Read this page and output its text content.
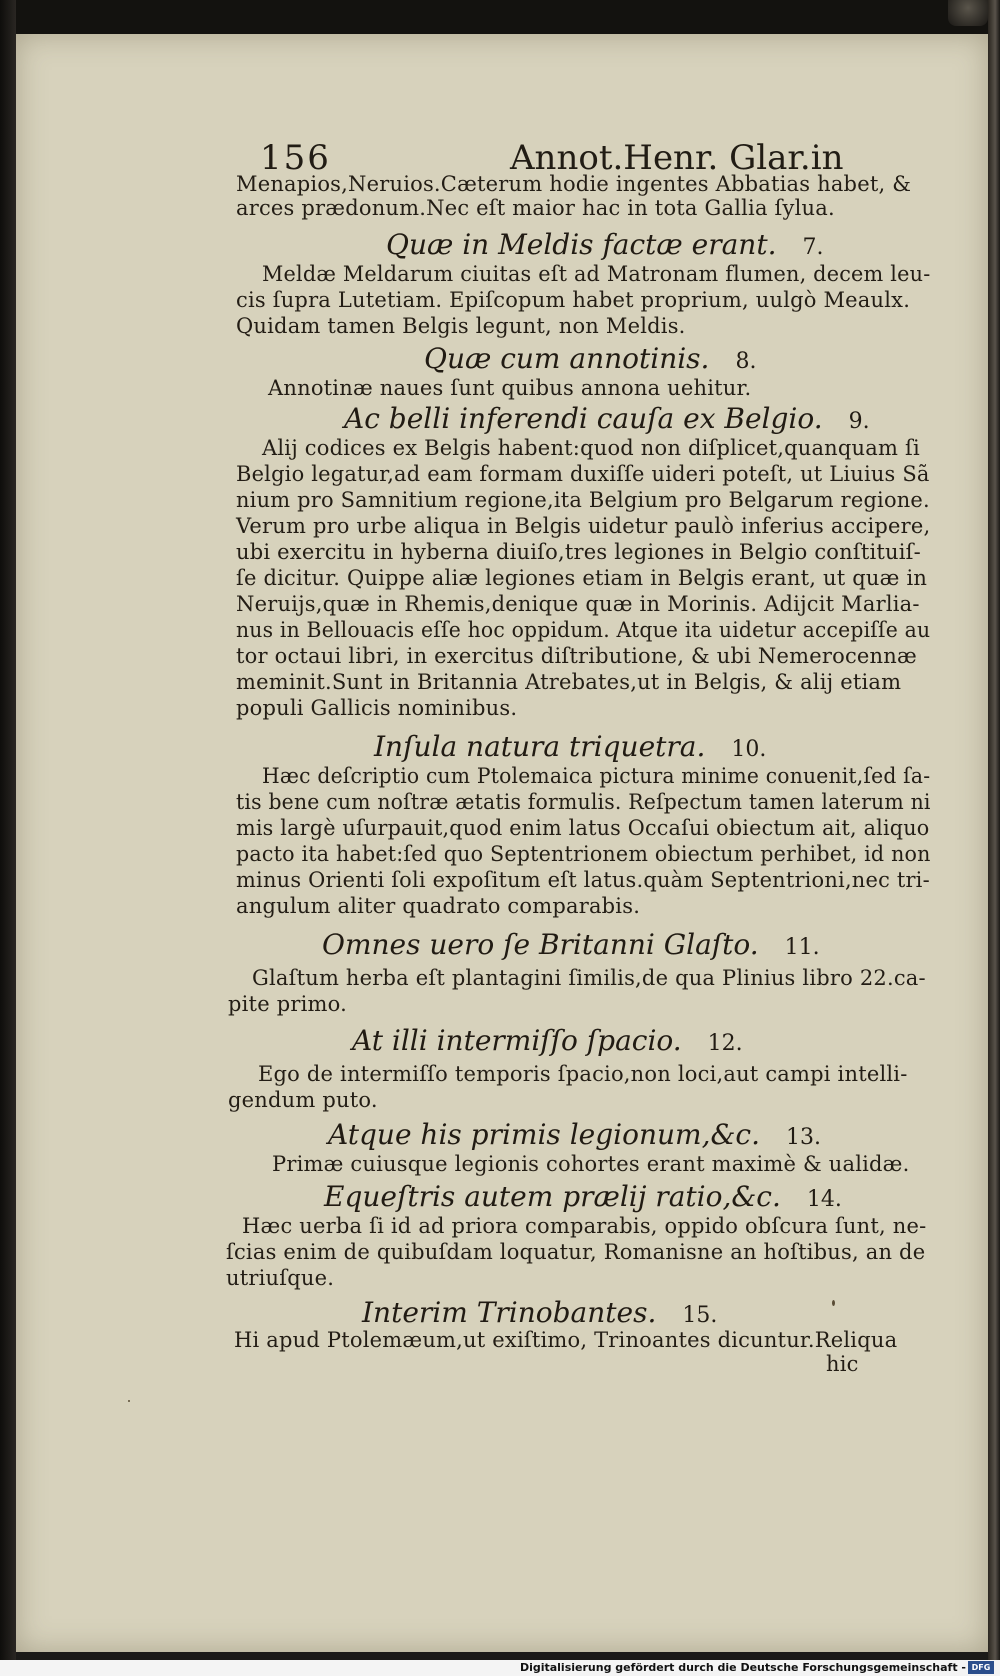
156	Annot.Henr. Glar.in
Menapios,Neruios.Cæterum hodie ingentes Abbatias habet, &
arces prædonum.Nec eſt maior hac in tota Gallia ſylua.
Quæ in Meldis factæ erant. 7.
Meldæ Meldarum ciuitas eſt ad Matronam flumen, decem leu-
cis ſupra Lutetiam. Epiſcopum habet proprium, uulgò Meaulx.
Quidam tamen Belgis legunt, non Meldis.
Quæ cum annotinis. 8.
Annotinæ naues ſunt quibus annona uehitur.
Ac belli inferendi cauſa ex Belgio. 9.
Alij codices ex Belgis habent:quod non diſplicet,quanquam ſi
Belgio legatur,ad eam formam duxiſſe uideri poteſt, ut Liuius Sã
nium pro Samnitium regione,ita Belgium pro Belgarum regione.
Verum pro urbe aliqua in Belgis uidetur paulò inferius accipere,
ubi exercitu in hyberna diuiſo,tres legiones in Belgio conſtituiſ-
ſe dicitur. Quippe aliæ legiones etiam in Belgis erant, ut quæ in
Neruijs,quæ in Rhemis,denique quæ in Morinis. Adijcit Marlia-
nus in Bellouacis eſſe hoc oppidum. Atque ita uidetur accepiſſe au
tor octaui libri, in exercitus diſtributione, & ubi Nemerocennæ
meminit.Sunt in Britannia Atrebates,ut in Belgis, & alij etiam
populi Gallicis nominibus.
Inſula natura triquetra. 10.
Hæc deſcriptio cum Ptolemaica pictura minime conuenit,ſed ſa-
tis bene cum noſtræ ætatis formulis. Reſpectum tamen laterum ni
mis largè uſurpauit,quod enim latus Occaſui obiectum ait, aliquo
pacto ita habet:ſed quo Septentrionem obiectum perhibet, id non
minus Orienti ſoli expoſitum eſt latus.quàm Septentrioni,nec tri-
angulum aliter quadrato comparabis.
Omnes uero ſe Britanni Glaſto. 11.
Glaſtum herba eſt plantagini ſimilis,de qua Plinius libro 22.ca-
pite primo.
At illi intermiſſo ſpacio. 12.
Ego de intermiſſo temporis ſpacio,non loci,aut campi intelli-
gendum puto.
Atque his primis legionum,&c. 13.
Primæ cuiusque legionis cohortes erant maximè & ualidæ.
Equeſtris autem prælij ratio,&c. 14.
Hæc uerba ſi id ad priora comparabis, oppido obſcura ſunt, ne-
ſcias enim de quibuſdam loquatur, Romanisne an hoſtibus, an de
utriuſque.
Interim Trinobantes. 15.
Hi apud Ptolemæum,ut exiſtimo, Trinoantes dicuntur.Reliqua
hic
Digitalisierung gefördert durch die Deutsche Forschungsgemeinschaft - DFG
